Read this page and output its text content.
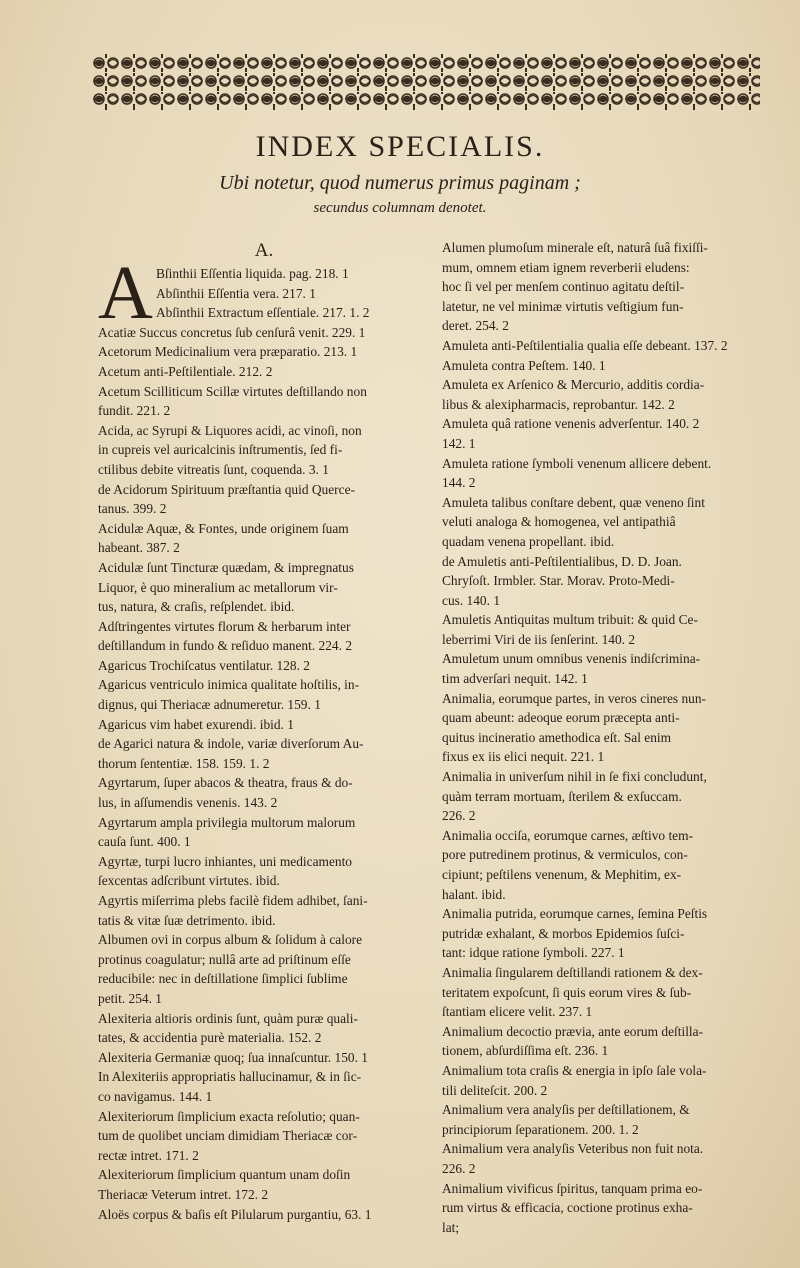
INDEX SPECIALIS.
Ubi notetur, quod numerus primus paginam ;
secundus columnam denotet.
A.
A Bſinthii Eſſentia liquida. pag. 218. 1

Abſinthii Eſſentia vera. 217. 1

Abſinthii Extractum eſſentiale. 217. 1. 2

Acatiæ Succus concretus ſub cenſurâ venit. 229. 1

Acetorum Medicinalium vera præparatio. 213. 1

Acetum anti-Peſtilentiale. 212. 2

Acetum Scilliticum Scillæ virtutes deſtillando non

fundit. 221. 2

Acida, ac Syrupi & Liquores acidi, ac vinoſi, non

in cupreis vel auricalcinis inſtrumentis, ſed fi-

ctilibus debite vitreatis ſunt, coquenda. 3. 1

de Acidorum Spirituum præſtantia quid Querce-

tanus. 399. 2

Acidulæ Aquæ, & Fontes, unde originem ſuam

habeant. 387. 2

Acidulæ ſunt Tincturæ quædam, & impregnatus

Liquor, è quo mineralium ac metallorum vir-

tus, natura, & craſis, reſplendet. ibid.

Adſtringentes virtutes florum & herbarum inter

deſtillandum in fundo & reſiduo manent. 224. 2

Agaricus Trochiſcatus ventilatur. 128. 2

Agaricus ventriculo inimica qualitate hoſtilis, in-

dignus, qui Theriacæ adnumeretur. 159. 1

Agaricus vim habet exurendi. ibid. 1

de Agarici natura & indole, variæ diverſorum Au-

thorum ſententiæ. 158. 159. 1. 2

Agyrtarum, ſuper abacos & theatra, fraus & do-

lus, in aſſumendis venenis. 143. 2

Agyrtarum ampla privilegia multorum malorum

cauſa ſunt. 400. 1

Agyrtæ, turpi lucro inhiantes, uni medicamento

ſexcentas adſcribunt virtutes. ibid.

Agyrtis miſerrima plebs facilè fidem adhibet, ſani-

tatis & vitæ ſuæ detrimento. ibid.

Albumen ovi in corpus album & ſolidum à calore

protinus coagulatur; nullâ arte ad priſtinum eſſe

reducibile: nec in deſtillatione ſimplici ſublime

petit. 254. 1

Alexiteria altioris ordinis ſunt, quàm puræ quali-

tates, & accidentia purè materialia. 152. 2

Alexiteria Germaniæ quoq; ſua innaſcuntur. 150. 1

In Alexiteriis appropriatis hallucinamur, & in ſic-

co navigamus. 144. 1

Alexiteriorum ſimplicium exacta reſolutio; quan-

tum de quolibet unciam dimidiam Theriacæ cor-

rectæ intret. 171. 2

Alexiteriorum ſimplicium quantum unam doſin

Theriacæ Veterum intret. 172. 2

Aloës corpus & baſis eſt Pilularum purgantiu, 63. 1

Alumen plumoſum minerale eſt, naturâ ſuâ fixiſſi-

mum, omnem etiam ignem reverberii eludens:

hoc ſi vel per menſem continuo agitatu deſtil-

latetur, ne vel minimæ virtutis veſtigium fun-

deret. 254. 2

Amuleta anti-Peſtilentialia qualia eſſe debeant. 137. 2

Amuleta contra Peſtem. 140. 1

Amuleta ex Arſenico & Mercurio, additis cordia-

libus & alexipharmacis, reprobantur. 142. 2

Amuleta quâ ratione venenis adverſentur. 140. 2

142. 1

Amuleta ratione ſymboli venenum allicere debent.

144. 2

Amuleta talibus conſtare debent, quæ veneno ſint

veluti analoga & homogenea, vel antipathiâ

quadam venena propellant. ibid.

de Amuletis anti-Peſtilentialibus, D. D. Joan.

Chryſoſt. Irmbler. Star. Morav. Proto-Medi-

cus. 140. 1

Amuletis Antiquitas multum tribuit: & quid Ce-

leberrimi Viri de iis ſenſerint. 140. 2

Amuletum unum omnibus venenis indiſcrimina-

tim adverſari nequit. 142. 1

Animalia, eorumque partes, in veros cineres nun-

quam abeunt: adeoque eorum præcepta anti-

quitus incineratio amethodica eſt. Sal enim

fixus ex iis elici nequit. 221. 1

Animalia in univerſum nihil in ſe fixi concludunt,

quàm terram mortuam, ſterilem & exſuccam.

226. 2

Animalia occiſa, eorumque carnes, æſtivo tem-

pore putredinem protinus, & vermiculos, con-

cipiunt; peſtilens venenum, & Mephitim, ex-

halant. ibid.

Animalia putrida, eorumque carnes, ſemina Peſtis

putridæ exhalant, & morbos Epidemios ſuſci-

tant: idque ratione ſymboli. 227. 1

Animalia ſingularem deſtillandi rationem & dex-

teritatem expoſcunt, ſi quis eorum vires & ſub-

ſtantiam elicere velit. 237. 1

Animalium decoctio prævia, ante eorum deſtilla-

tionem, abſurdiſſima eſt. 236. 1

Animalium tota craſis & energia in ipſo ſale vola-

tili deliteſcit. 200. 2

Animalium vera analyſis per deſtillationem, &

principiorum ſeparationem. 200. 1. 2

Animalium vera analyſis Veteribus non fuit nota.

226. 2

Animalium vivificus ſpiritus, tanquam prima eo-

rum virtus & efficacia, coctione protinus exha-

lat;
